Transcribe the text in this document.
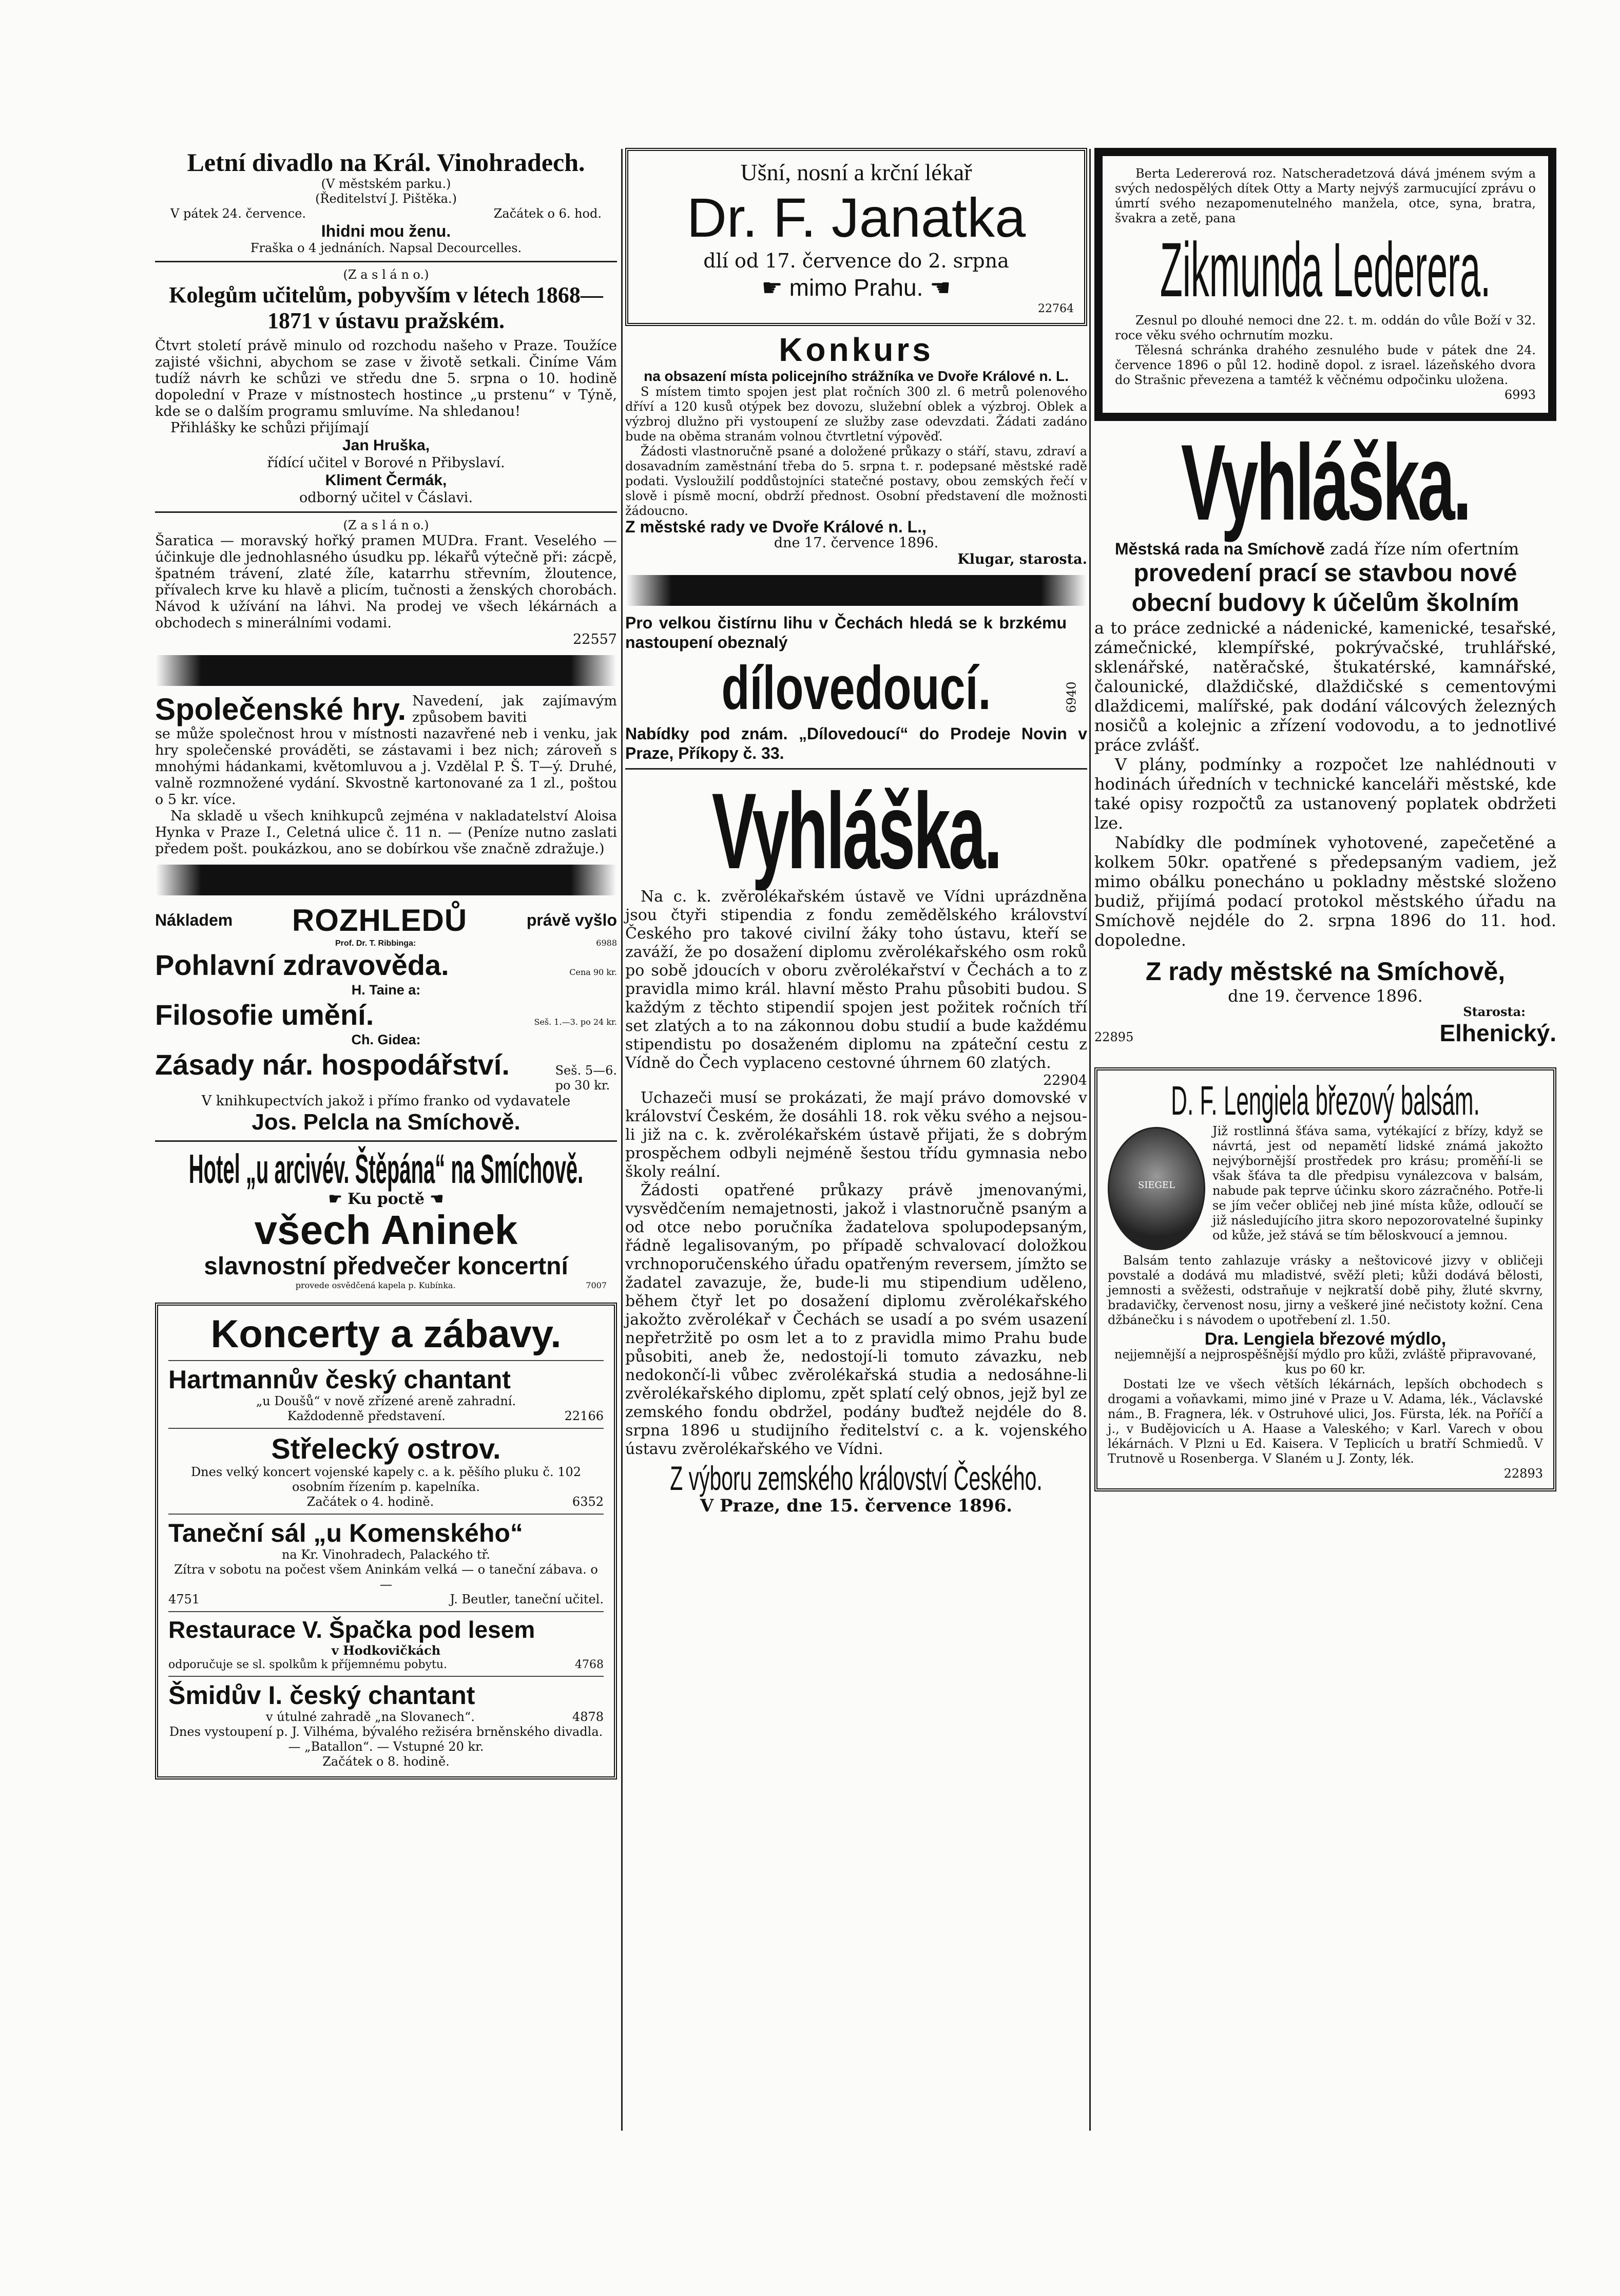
Letní divadlo na Král. Vinohradech.

(V městském parku.)

(Ředitelství J. Pištěka.)

V pátek 24. července.	Začátek o 6. hod.

Ihidni mou ženu.

Fraška o 4 jednáních. Napsal Decourcelles.

(Z a s l á n o.)

Kolegům učitelům, pobyvším v létech 1868—1871 v ústavu pražském.

Čtvrt století právě minulo od rozchodu našeho v Praze. Toužíce zajisté všichni, abychom se zase v životě setkali. Činíme Vám tudíž návrh ke schůzi ve středu dne 5. srpna o 10. hodině dopolední v Praze v místnostech hostince „u prstenu“ v Týně, kde se o dalším programu smluvíme. Na shledanou!

Přihlášky ke schůzi přijímají

Jan Hruška,

řídící učitel v Borové n Přibyslaví.

Kliment Čermák,

odborný učitel v Čáslavi.

(Z a s l á n o.)

Šaratica — moravský hořký pramen MUDra. Frant. Veselého — účinkuje dle jednohlasného úsudku pp. lékařů výtečně při: zácpě, špatném trávení, zlaté žíle, katarrhu střevním, žloutence, přívalech krve ku hlavě a plicím, tučnosti a ženských chorobách. Návod k užívání na láhvi. Na prodej ve všech lékárnách a obchodech s minerálními vodami.

22557

Společenské hry. Navedení, jak zajímavým způsobem baviti

se může společnost hrou v místnosti nazavřené neb i venku, jak hry společenské prováděti, se zástavami i bez nich; zároveň s mnohými hádankami, květomluvou a j. Vzdělal P. Š. T—ý. Druhé, valně rozmnožené vydání. Skvostně kartonované za 1 zl., poštou o 5 kr. více.

Na skladě u všech knihkupců zejména v nakladatelství Aloisa Hynka v Praze I., Celetná ulice č. 11 n. — (Peníze nutno zaslati předem pošt. poukázkou, ano se dobírkou vše značně zdražuje.)

Nákladem ROZHLEDŮ	právě vyšlo
Prof. Dr. T. Ribbinga:	6988
Pohlavní zdravověda.	Cena 90 kr.

H. Taine a:

Filosofie umění.	Seš. 1.—3. po 24 kr.

Ch. Gidea:

Zásady nár. hospodářství.	Seš. 5—6.
po 30 kr.

V knihkupectvích jakož i přímo franko od vydavatele

Jos. Pelcla na Smíchově.

Hotel „u arcivév. Štěpána“ na Smíchově.

☛ Ku poctě ☚

všech Aninek
slavnostní předvečer koncertní
provede osvědčená kapela p. Kubínka.	7007
Koncerty a zábavy.
Hartmannův český chantant

„u Doušů“ v nově zřízené areně zahradní.

Každodenně představení.	22166
Střelecký ostrov.

Dnes velký koncert vojenské kapely c. a k. pěšího pluku č. 102 osobním řízením p. kapelníka.

Začátek o 4. hodině.	6352
Taneční sál „u Komenského“

na Kr. Vinohradech, Palackého tř.

Zítra v sobotu na počest všem Aninkám velká — o taneční zábava. o —

4751	J. Beutler, taneční učitel.
Restaurace V. Špačka pod lesem

v Hodkovičkách

odporučuje se sl. spolkům k příjemnému pobytu.	4768
Šmidův I. český chantant
v útulné zahradě „na Slovanech“.	4878

Dnes vystoupení p. J. Vilhéma, bývalého režiséra brněnského divadla. — „Batallon“. — Vstupné 20 kr.

Začátek o 8. hodině.

Ušní, nosní a krční lékař

Dr. F. Janatka

dlí od 17. července do 2. srpna

☛ mimo Prahu. ☚

22764

Konkurs

na obsazení místa policejního strážníka ve Dvoře Králové n. L.

S místem timto spojen jest plat ročních 300 zl. 6 metrů polenového dříví a 120 kusů otýpek bez dovozu, služební oblek a výzbroj. Oblek a výzbroj dlužno při vystoupení ze služby zase odevzdati. Žádati zadáno bude na oběma stranám volnou čtvrtletní výpověď.

Žádosti vlastnoručně psané a doložené průkazy o stáří, stavu, zdraví a dosavadním zaměstnání třeba do 5. srpna t. r. podepsané městské radě podati. Vysloužilí poddůstojníci statečné postavy, obou zemských řečí v slově i písmě mocní, obdrží přednost. Osobní představení dle možnosti žádoucno.

Z městské rady ve Dvoře Králové n. L.,

dne 17. července 1896.

Klugar, starosta.

Pro velkou čistírnu lihu v Čechách hledá se k brzkému nastoupení obeznalý

dílovedoucí.	6940

Nabídky pod znám. „Dílovedoucí“ do Prodeje Novin v Praze, Příkopy č. 33.

Vyhláška.

Na c. k. zvěrolékařském ústavě ve Vídni uprázdněna jsou čtyři stipendia z fondu zemědělského království Českého pro takové civilní žáky toho ústavu, kteří se zaváží, že po dosažení diplomu zvěrolékařského osm roků po sobě jdoucích v oboru zvěrolékařství v Čechách a to z pravidla mimo král. hlavní město Prahu působiti budou. S každým z těchto stipendií spojen jest požitek ročních tří set zlatých a to na zákonnou dobu studií a bude každému stipendistu po dosaženém diplomu na zpáteční cestu z Vídně do Čech vyplaceno cestovné úhrnem 60 zlatých.

22904

Uchazeči musí se prokázati, že mají právo domovské v království Českém, že dosáhli 18. rok věku svého a nejsou-li již na c. k. zvěrolékařském ústavě přijati, že s dobrým prospěchem odbyli nejméně šestou třídu gymnasia nebo školy reální.

Žádosti opatřené průkazy právě jmenovanými, vysvědčením nemajetnosti, jakož i vlastnoručně psaným a od otce nebo poručníka žadatelova spolupodepsaným, řádně legalisovaným, po případě schvalovací doložkou vrchnoporučenského úřadu opatřeným reversem, jímžto se žadatel zavazuje, že, bude-li mu stipendium uděleno, během čtyř let po dosažení diplomu zvěrolékařského jakožto zvěrolékař v Čechách se usadí a po svém usazení nepřetržitě po osm let a to z pravidla mimo Prahu bude působiti, aneb že, nedostojí-li tomuto závazku, neb nedokončí-li vůbec zvěrolékařská studia a nedosáhne-li zvěrolékařského diplomu, zpět splatí celý obnos, jejž byl ze zemského fondu obdržel, podány buďtež nejdéle do 8. srpna 1896 u studijního ředitelství c. a k. vojenského ústavu zvěrolékařského ve Vídni.

Z výboru zemského království Českého.

V Praze, dne 15. července 1896.

Berta Ledererová roz. Natscheradetzová dává jménem svým a svých nedospělých dítek Otty a Marty nejvýš zarmucující zprávu o úmrtí svého nezapomenutelného manžela, otce, syna, bratra, švakra a zetě, pana

Zikmunda Lederera.

Zesnul po dlouhé nemoci dne 22. t. m. oddán do vůle Boží v 32. roce věku svého ochrnutím mozku.

Tělesná schránka drahého zesnulého bude v pátek dne 24. července 1896 o půl 12. hodině dopol. z israel. lázeňského dvora do Strašnic převezena a tamtéž k věčnému odpočinku uložena.

6993

Vyhláška.

Městská rada na Smíchově zadá říze ním ofertním

provedení prací se stavbou nové obecní budovy k účelům školním

a to práce zednické a nádenické, kamenické, tesařské, zámečnické, klempířské, pokrývačské, truhlářské, sklenářské, natěračské, štukatérské, kamnářské, čalounické, dlaždičské, dlaždičské s cementovými dlaždicemi, malířské, pak dodání válcových železných nosičů a kolejnic a zřízení vodovodu, a to jednotlivé práce zvlášť.

V plány, podmínky a rozpočet lze nahlédnouti v hodinách úředních v technické kanceláři městské, kde také opisy rozpočtů za ustanovený poplatek obdržeti lze.

Nabídky dle podmínek vyhotovené, zapečetěné a kolkem 50kr. opatřené s předepsaným vadiem, jež mimo obálku ponecháno u pokladny městské složeno budiž, přijímá podací protokol městského úřadu na Smíchově nejdéle do 2. srpna 1896 do 11. hod. dopoledne.

Z rady městské na Smíchově,

dne 19. července 1896.

Starosta:

22895	Elhenický.
D. F. Lengiela březový balsám.
SIEGEL

Již rostlinná šťáva sama, vytékající z břízy, když se návrtá, jest od nepamětí lidské známá jakožto nejvýbornější prostředek pro krásu; proměňí-li se však šťáva ta dle předpisu vynálezcova v balsám, nabude pak teprve účinku skoro zázračného. Potře-li se jím večer obličej neb jiné místa kůže, odloučí se již následujícího jitra skoro nepozorovatelné šupinky od kůže, jež stává se tím běloskvoucí a jemnou.

Balsám tento zahlazuje vrásky a neštovicové jizvy v obličeji povstalé a dodává mu mladistvé, svěží pleti; kůži dodává bělosti, jemnosti a svěžesti, odstraňuje v nejkratší době pihy, žluté skvrny, bradavičky, červenost nosu, jirny a veškeré jiné nečistoty kožní. Cena džbánečku i s návodem o upotřebení zl. 1.50.

Dra. Lengiela březové mýdlo,

nejjemnější a nejprospěšnější mýdlo pro kůži, zvláště připravované, kus po 60 kr.

Dostati lze ve všech větších lékárnách, lepších obchodech s drogami a voňavkami, mimo jiné v Praze u V. Adama, lék., Václavské nám., B. Fragnera, lék. v Ostruhové ulici, Jos. Fürsta, lék. na Poříčí a j., v Budějovicích u A. Haase a Valeského; v Karl. Varech v obou lékárnách. V Plzni u Ed. Kaisera. V Teplicích u bratří Schmiedů. V Trutnově u Rosenberga. V Slaném u J. Zonty, lék.

22893
